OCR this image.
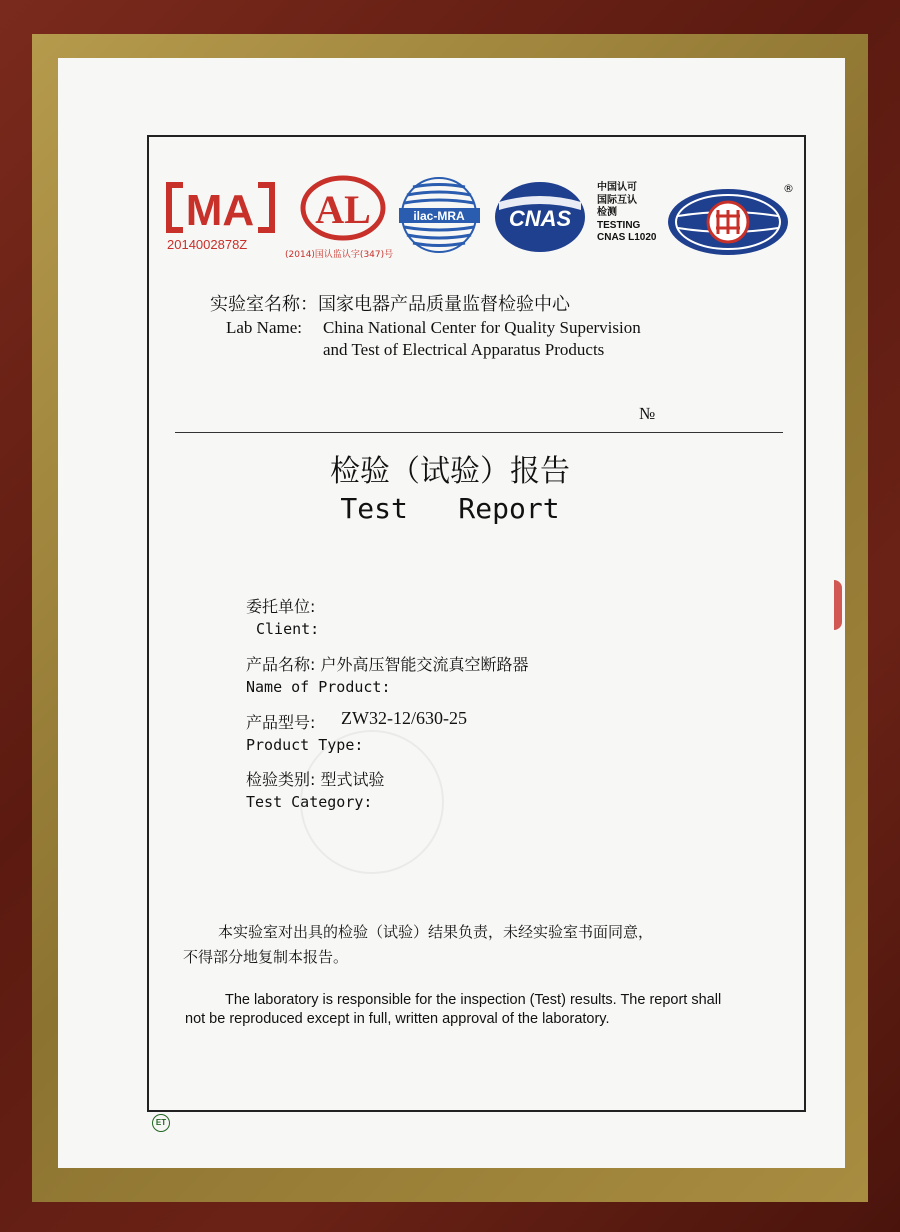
MA
2014002878Z
AL
(2014)国认监认字(347)号
ilac-MRA CNAS
中国认可
国际互认
检测
TESTING
CNAS L1020
®
实验室名称：国家电器产品质量监督检验中心
Lab Name: China National Center for Quality Supervision
and Test of Electrical Apparatus Products
№
检验（试验）报告
Test   Report
委托单位:
Client:
产品名称: 户外高压智能交流真空断路器
Name of Product:
产品型号: ZW32-12/630-25
Product Type:
检验类别: 型式试验
Test Category:
本实验室对出具的检验（试验）结果负责，未经实验室书面同意，
不得部分地复制本报告。
The laboratory is responsible for the inspection (Test) results. The report shall
not be reproduced except in full, written approval of the laboratory.
ET
